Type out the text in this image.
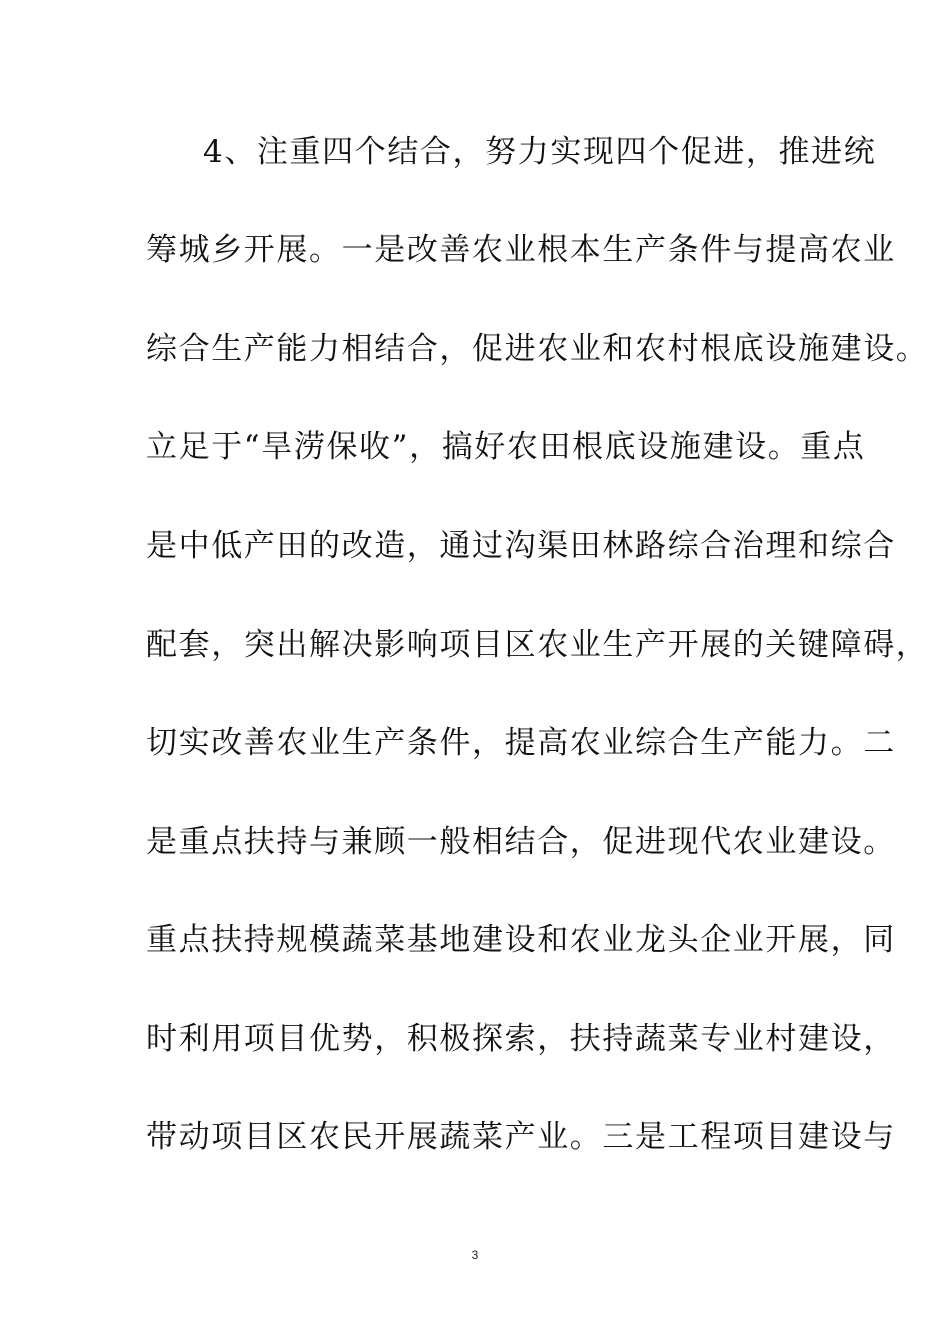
4、注重四个结合，努力实现四个促进，推进统
筹城乡开展。一是改善农业根本生产条件与提高农业
综合生产能力相结合，促进农业和农村根底设施建设。
立足于“旱涝保收”，搞好农田根底设施建设。重点
是中低产田的改造，通过沟渠田林路综合治理和综合
配套，突出解决影响项目区农业生产开展的关键障碍，
切实改善农业生产条件，提高农业综合生产能力。二
是重点扶持与兼顾一般相结合，促进现代农业建设。
重点扶持规模蔬菜基地建设和农业龙头企业开展，同
时利用项目优势，积极探索，扶持蔬菜专业村建设，
带动项目区农民开展蔬菜产业。三是工程项目建设与
3
